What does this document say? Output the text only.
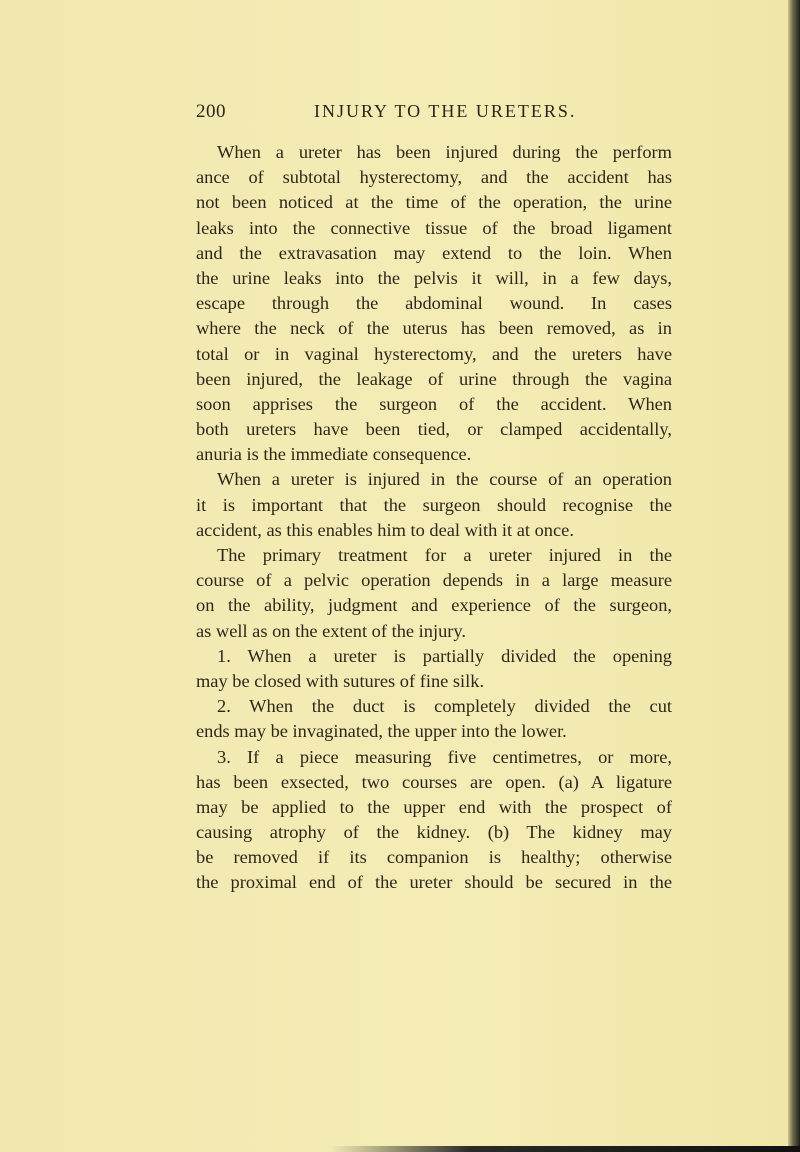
200	INJURY TO THE URETERS.
When a ureter has been injured during the perform
ance of subtotal hysterectomy, and the accident has
not been noticed at the time of the operation, the urine
leaks into the connective tissue of the broad ligament
and the extravasation may extend to the loin. When
the urine leaks into the pelvis it will, in a few days,
escape through the abdominal wound. In cases
where the neck of the uterus has been removed, as in
total or in vaginal hysterectomy, and the ureters have
been injured, the leakage of urine through the vagina
soon apprises the surgeon of the accident. When
both ureters have been tied, or clamped accidentally,
anuria is the immediate consequence.
When a ureter is injured in the course of an operation
it is important that the surgeon should recognise the
accident, as this enables him to deal with it at once.
The primary treatment for a ureter injured in the
course of a pelvic operation depends in a large measure
on the ability, judgment and experience of the surgeon,
as well as on the extent of the injury.
1. When a ureter is partially divided the opening
may be closed with sutures of fine silk.
2. When the duct is completely divided the cut
ends may be invaginated, the upper into the lower.
3. If a piece measuring five centimetres, or more,
has been exsected, two courses are open. (a) A ligature
may be applied to the upper end with the prospect of
causing atrophy of the kidney. (b) The kidney may
be removed if its companion is healthy; otherwise
the proximal end of the ureter should be secured in the
